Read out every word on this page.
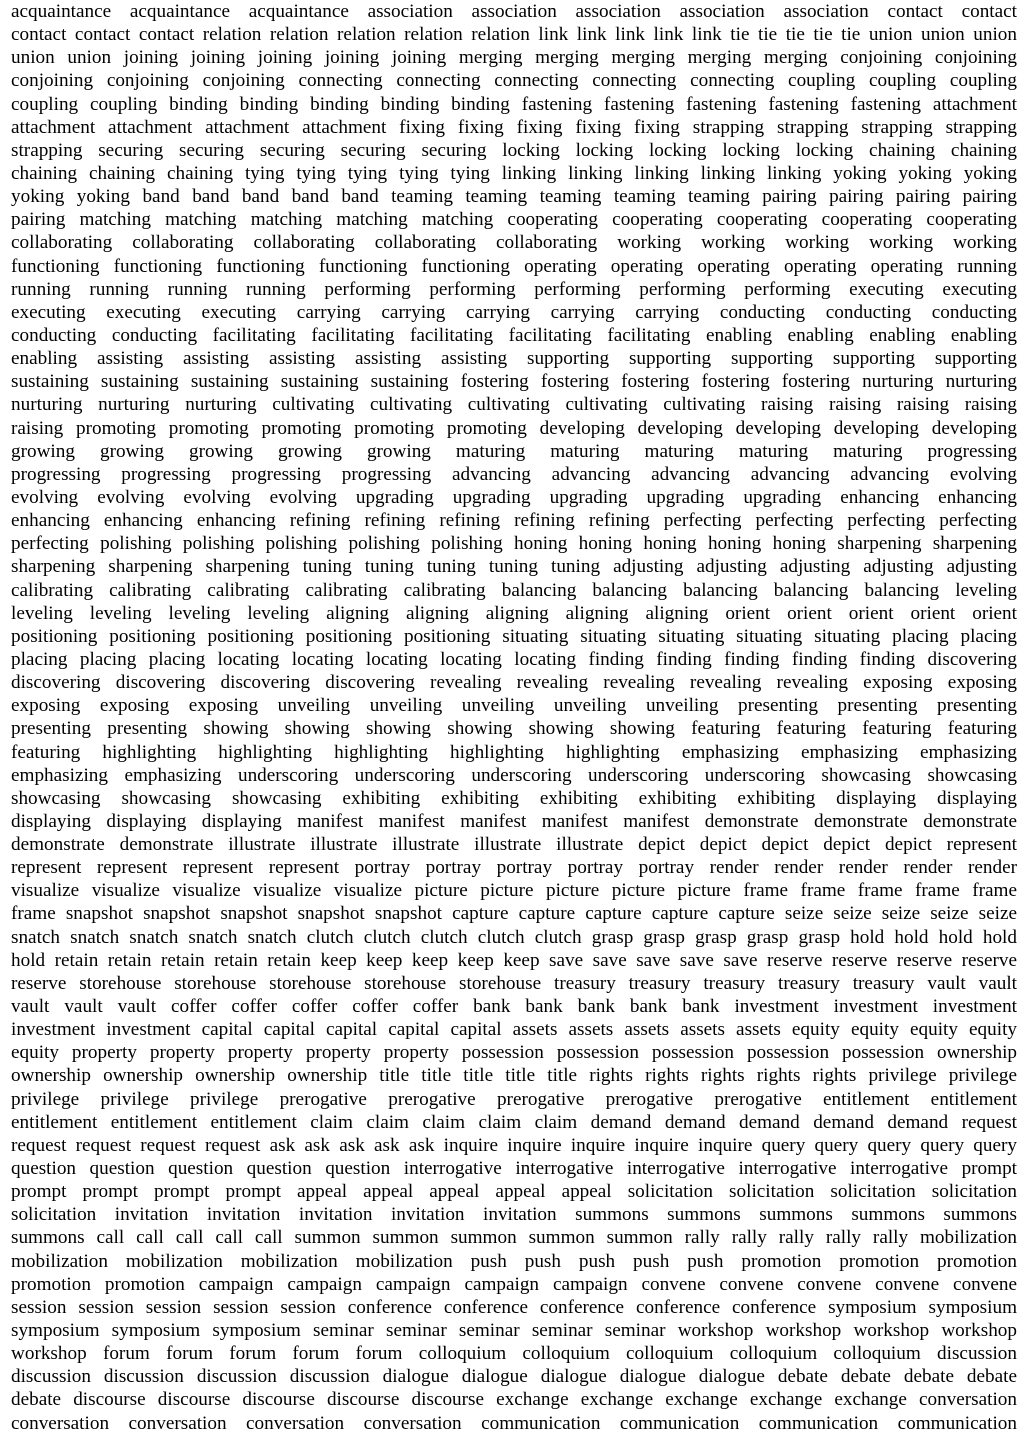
acquaintance acquaintance acquaintance association association association association association contact contact
contact contact contact relation relation relation relation relation link link link link link tie tie tie tie tie union union union
union union joining joining joining joining joining merging merging merging merging merging conjoining conjoining
conjoining conjoining conjoining connecting connecting connecting connecting connecting coupling coupling coupling
coupling coupling binding binding binding binding binding fastening fastening fastening fastening fastening attachment
attachment attachment attachment attachment fixing fixing fixing fixing fixing strapping strapping strapping strapping
strapping securing securing securing securing securing locking locking locking locking locking chaining chaining
chaining chaining chaining tying tying tying tying tying linking linking linking linking linking yoking yoking yoking
yoking yoking band band band band band teaming teaming teaming teaming teaming pairing pairing pairing pairing
pairing matching matching matching matching matching cooperating cooperating cooperating cooperating cooperating
collaborating collaborating collaborating collaborating collaborating working working working working working
functioning functioning functioning functioning functioning operating operating operating operating operating running
running running running running performing performing performing performing performing executing executing
executing executing executing carrying carrying carrying carrying carrying conducting conducting conducting
conducting conducting facilitating facilitating facilitating facilitating facilitating enabling enabling enabling enabling
enabling assisting assisting assisting assisting assisting supporting supporting supporting supporting supporting
sustaining sustaining sustaining sustaining sustaining fostering fostering fostering fostering fostering nurturing nurturing
nurturing nurturing nurturing cultivating cultivating cultivating cultivating cultivating raising raising raising raising
raising promoting promoting promoting promoting promoting developing developing developing developing developing
growing growing growing growing growing maturing maturing maturing maturing maturing progressing
progressing progressing progressing progressing advancing advancing advancing advancing advancing evolving
evolving evolving evolving evolving upgrading upgrading upgrading upgrading upgrading enhancing enhancing
enhancing enhancing enhancing refining refining refining refining refining perfecting perfecting perfecting perfecting
perfecting polishing polishing polishing polishing polishing honing honing honing honing honing sharpening sharpening
sharpening sharpening sharpening tuning tuning tuning tuning tuning adjusting adjusting adjusting adjusting adjusting
calibrating calibrating calibrating calibrating calibrating balancing balancing balancing balancing balancing leveling
leveling leveling leveling leveling aligning aligning aligning aligning aligning orient orient orient orient orient
positioning positioning positioning positioning positioning situating situating situating situating situating placing placing
placing placing placing locating locating locating locating locating finding finding finding finding finding discovering
discovering discovering discovering discovering revealing revealing revealing revealing revealing exposing exposing
exposing exposing exposing unveiling unveiling unveiling unveiling unveiling presenting presenting presenting
presenting presenting showing showing showing showing showing showing featuring featuring featuring featuring
featuring highlighting highlighting highlighting highlighting highlighting emphasizing emphasizing emphasizing
emphasizing emphasizing underscoring underscoring underscoring underscoring underscoring showcasing showcasing
showcasing showcasing showcasing exhibiting exhibiting exhibiting exhibiting exhibiting displaying displaying
displaying displaying displaying manifest manifest manifest manifest manifest demonstrate demonstrate demonstrate
demonstrate demonstrate illustrate illustrate illustrate illustrate illustrate depict depict depict depict depict represent
represent represent represent represent portray portray portray portray portray render render render render render
visualize visualize visualize visualize visualize picture picture picture picture picture frame frame frame frame frame
frame snapshot snapshot snapshot snapshot snapshot capture capture capture capture capture seize seize seize seize seize
snatch snatch snatch snatch snatch clutch clutch clutch clutch clutch grasp grasp grasp grasp grasp hold hold hold hold
hold retain retain retain retain retain keep keep keep keep keep save save save save save reserve reserve reserve reserve
reserve storehouse storehouse storehouse storehouse storehouse treasury treasury treasury treasury treasury vault vault
vault vault vault coffer coffer coffer coffer coffer bank bank bank bank bank investment investment investment
investment investment capital capital capital capital capital assets assets assets assets assets equity equity equity equity
equity property property property property property possession possession possession possession possession ownership
ownership ownership ownership ownership title title title title title rights rights rights rights rights privilege privilege
privilege privilege privilege prerogative prerogative prerogative prerogative prerogative entitlement entitlement
entitlement entitlement entitlement claim claim claim claim claim demand demand demand demand demand request
request request request request ask ask ask ask ask inquire inquire inquire inquire inquire query query query query query
question question question question question interrogative interrogative interrogative interrogative interrogative prompt
prompt prompt prompt prompt appeal appeal appeal appeal appeal solicitation solicitation solicitation solicitation
solicitation invitation invitation invitation invitation invitation summons summons summons summons summons
summons call call call call call summon summon summon summon summon rally rally rally rally rally mobilization
mobilization mobilization mobilization mobilization push push push push push promotion promotion promotion
promotion promotion campaign campaign campaign campaign campaign convene convene convene convene convene
session session session session session conference conference conference conference conference symposium symposium
symposium symposium symposium seminar seminar seminar seminar seminar workshop workshop workshop workshop
workshop forum forum forum forum forum colloquium colloquium colloquium colloquium colloquium discussion
discussion discussion discussion discussion dialogue dialogue dialogue dialogue dialogue debate debate debate debate
debate discourse discourse discourse discourse discourse exchange exchange exchange exchange exchange conversation
conversation conversation conversation conversation communication communication communication communication
